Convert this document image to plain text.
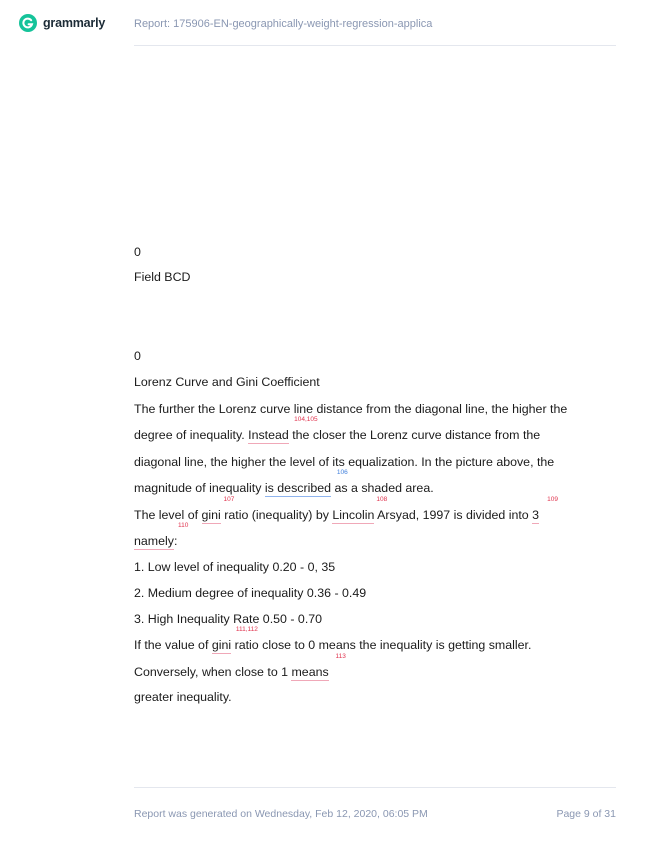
grammarly	Report: 175906-EN-geographically-weight-regression-applica
0
Field BCD
0
Lorenz Curve and Gini Coefficient
The further the Lorenz curve line distance from the diagonal line, the higher the
degree of inequality. Instead
104,105
the closer the Lorenz curve distance from the
diagonal line, the higher the level of its equalization. In the picture above, the
magnitude of inequality is described
106
as a shaded area.
The level of gini
107
ratio (inequality) by Lincolin
108
Arsyad, 1997 is divided into 3
109
namely
110
:
1. Low level of inequality 0.20 - 0, 35
2. Medium degree of inequality 0.36 - 0.49
3. High Inequality Rate 0.50 - 0.70
If the value of gini
111,112
ratio close to 0 means the inequality is getting smaller.
Conversely, when close to 1 means
113
greater inequality.
Report was generated on Wednesday, Feb 12, 2020, 06:05 PM	Page 9 of 31
